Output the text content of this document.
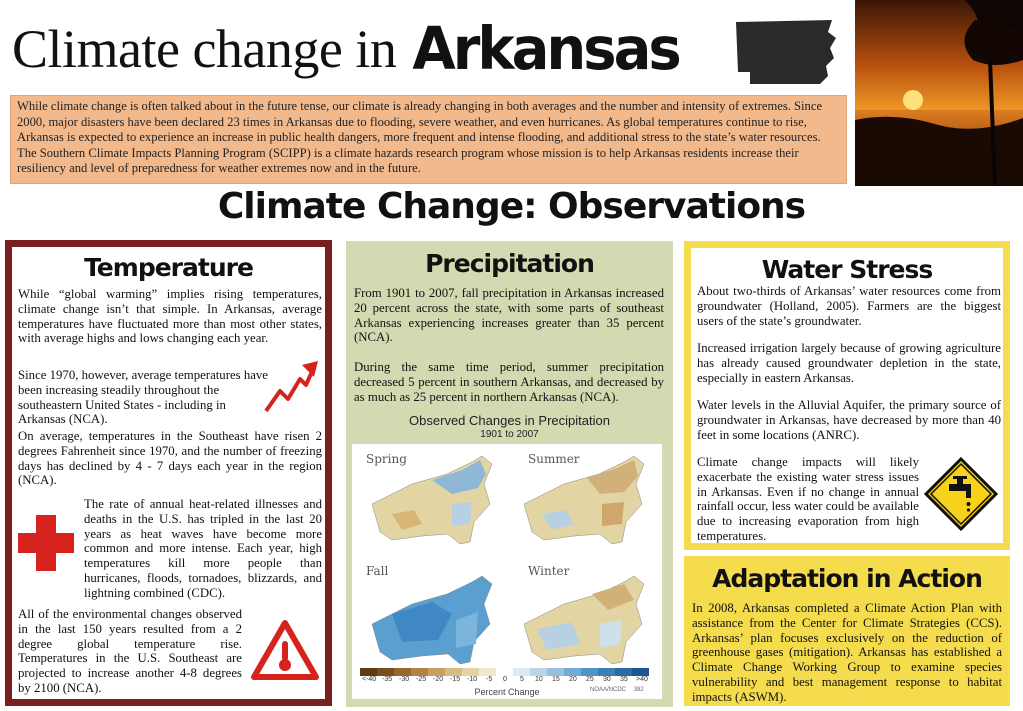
Climate change in Arkansas
While climate change is often talked about in the future tense, our climate is already changing in both averages and the number and intensity of extremes. Since 2000, major disasters have been declared 23 times in Arkansas due to flooding, severe weather, and even hurricanes. As global temperatures continue to rise, Arkansas is expected to experience an increase in public health dangers, more frequent and intense flooding, and additional stress to the state’s water resources. The Southern Climate Impacts Planning Program (SCIPP) is a climate hazards research program whose mission is to help Arkansas residents increase their resiliency and level of preparedness for weather extremes now and in the future.
Climate Change: Observations
Temperature

While “global warming” implies rising temperatures, climate change isn’t that simple. In Arkansas, average temperatures have fluctuated more than most other states, with average highs and lows changing each year.

Since 1970, however, average temperatures have been increasing steadily throughout the southeastern United States - including in Arkansas (NCA).

On average, temperatures in the Southeast have risen 2 degrees Fahrenheit since 1970, and the number of freezing days has declined by 4 - 7 days each year in the region (NCA).

The rate of annual heat-related illnesses and deaths in the U.S. has tripled in the last 20 years as heat waves have become more common and more intense. Each year, high temperatures kill more people than hurricanes, floods, tornadoes, blizzards, and lightning combined (CDC).

All of the environmental changes observed in the last 150 years resulted from a 2 degree global temperature rise. Temperatures in the U.S. Southeast are projected to increase another 4-8 degrees by 2100 (NCA).

Precipitation

From 1901 to 2007, fall precipitation in Arkansas increased 20 percent across the state, with some parts of southeast Arkansas experiencing increases greater than 35 percent (NCA).

During the same time period, summer precipitation decreased 5 percent in southern Arkansas, and decreased by as much as 25 percent in northern Arkansas (NCA).

Observed Changes in Precipitation
1901 to 2007
Spring	Summer
Fall	Winter
<-40 -35 -30 -25 -20 -15 -10 -5 0 5 10 15 20 25 30 35 >40
Percent Change	NOAA/NCDC 382
Water Stress

About two-thirds of Arkansas’ water resources come from groundwater (Holland, 2005). Farmers are the biggest users of the state’s groundwater.

Increased irrigation largely because of growing agriculture has already caused groundwater depletion in the state, especially in eastern Arkansas.

Water levels in the Alluvial Aquifer, the primary source of groundwater in Arkansas, have decreased by more than 40 feet in some locations (ANRC).

Climate change impacts will likely exacerbate the existing water stress issues in Arkansas. Even if no change in annual rainfall occur, less water could be available due to increasing evaporation from high temperatures.

Adaptation in Action

In 2008, Arkansas completed a Climate Action Plan with assistance from the Center for Climate Strategies (CCS). Arkansas’ plan focuses exclusively on the reduction of greenhouse gases (mitigation). Arkansas has established a Climate Change Working Group to examine species vulnerability and best management response to habitat impacts (ASWM).
